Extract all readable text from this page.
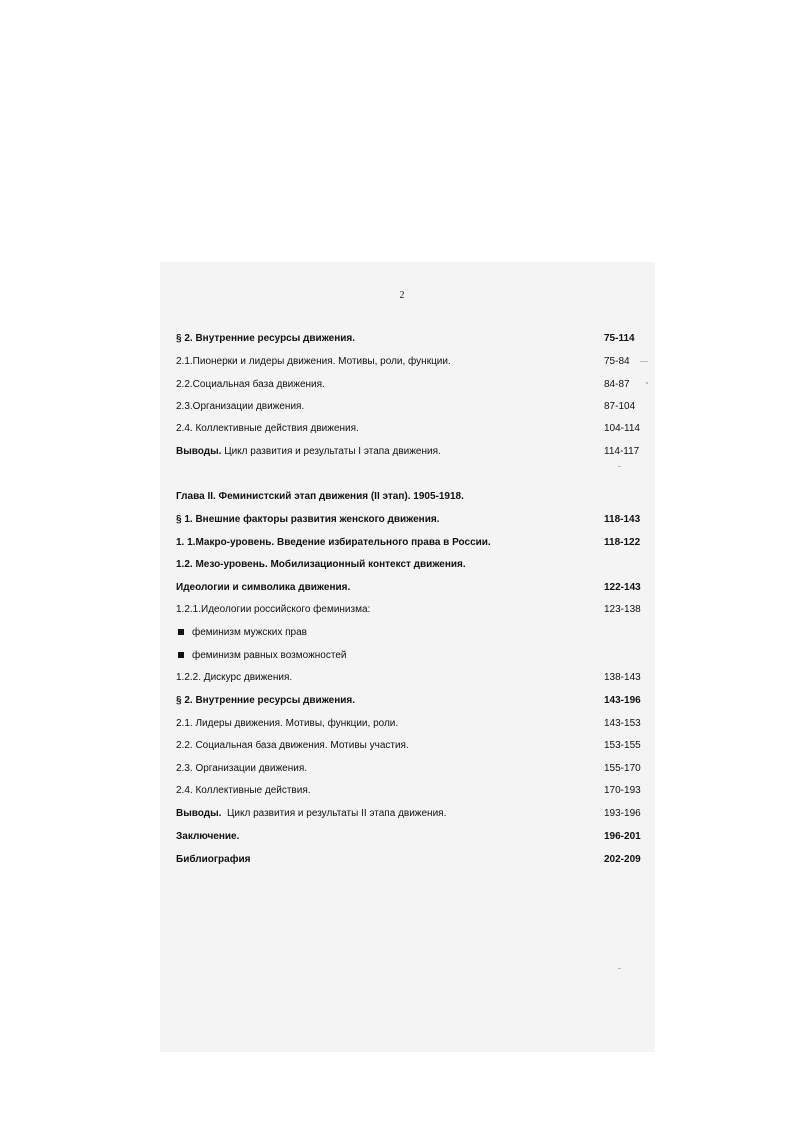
2
§ 2. Внутренние ресурсы движения.	75-114
2.1.Пионерки и лидеры движения. Мотивы, роли, функции.	75-84
2.2.Социальная база движения.	84-87
2.3.Организации движения.	87-104
2.4. Коллективные действия движения.	104-114
Выводы. Цикл развития и результаты I этапа движения.	114-117
Глава II. Феминистский этап движения (II этап). 1905-1918.
§ 1. Внешние факторы развития женского движения.	118-143
1. 1.Макро-уровень. Введение избирательного права в России.	118-122
1.2. Мезо-уровень. Мобилизационный контекст движения.
Идеологии и символика движения.	122-143
1.2.1.Идеологии российского феминизма:	123-138
феминизм мужских прав
феминизм равных возможностей
1.2.2. Дискурс движения.	138-143
§ 2. Внутренние ресурсы движения.	143-196
2.1. Лидеры движения. Мотивы, функции, роли.	143-153
2.2. Социальная база движения. Мотивы участия.	153-155
2.3. Организации движения.	155-170
2.4. Коллективные действия.	170-193
Выводы. Цикл развития и результаты II этапа движения.	193-196
Заключение.	196-201
Библиография	202-209
